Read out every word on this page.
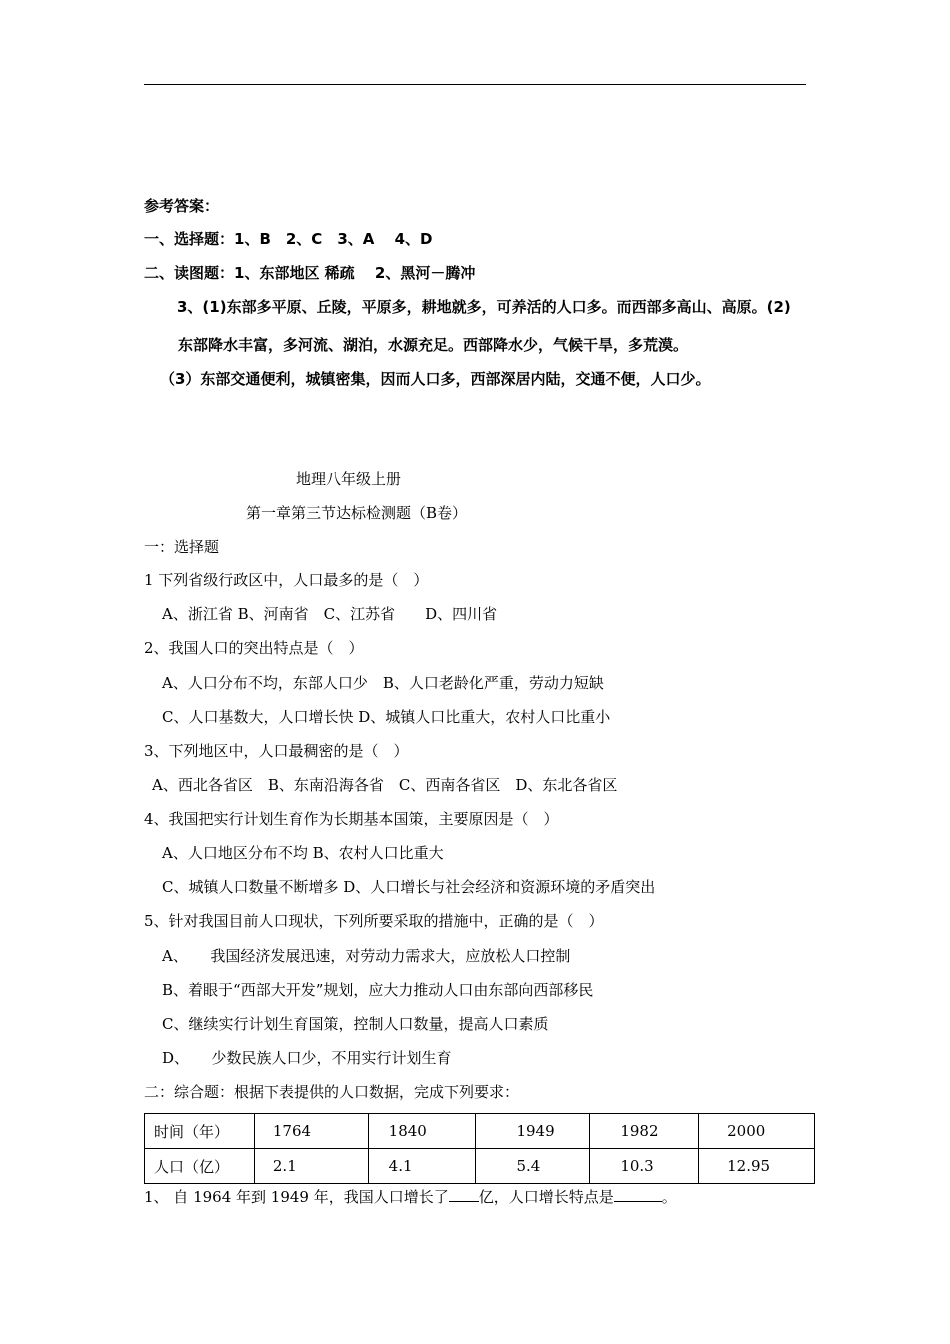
参考答案：
一、选择题：1、B　2、C　3、A　 4、D
二、读图题：1、东部地区 稀疏　 2、黑河－腾冲
3、(1)东部多平原、丘陵，平原多，耕地就多，可养活的人口多。而西部多高山、高原。(2)
东部降水丰富，多河流、湖泊，水源充足。西部降水少，气候干旱，多荒漠。
（3）东部交通便利，城镇密集，因而人口多，西部深居内陆，交通不便，人口少。
地理八年级上册
第一章第三节达标检测题（B卷）
一：选择题
1 下列省级行政区中，人口最多的是（　）
A、浙江省 B、河南省　C、江苏省　　D、四川省
2、我国人口的突出特点是（　）
A、人口分布不均，东部人口少　B、人口老龄化严重，劳动力短缺
C、人口基数大，人口增长快 D、城镇人口比重大，农村人口比重小
3、下列地区中，人口最稠密的是（　）
A、西北各省区　B、东南沿海各省　C、西南各省区　D、东北各省区
4、我国把实行计划生育作为长期基本国策，主要原因是（　）
A、人口地区分布不均 B、农村人口比重大
C、城镇人口数量不断增多 D、人口增长与社会经济和资源环境的矛盾突出
5、针对我国目前人口现状，下列所要采取的措施中，正确的是（　）
A、　　我国经济发展迅速，对劳动力需求大，应放松人口控制
B、着眼于“西部大开发”规划，应大力推动人口由东部向西部移民
C、继续实行计划生育国策，控制人口数量，提高人口素质
D、　　少数民族人口少，不用实行计划生育
二：综合题：根据下表提供的人口数据，完成下列要求：
时间（年）	1764	1840	1949	1982	2000
人口（亿）	2.1	4.1	5.4	10.3	12.95
1、 自 1964 年到 1949 年，我国人口增长了 亿，人口增长特点是	。
